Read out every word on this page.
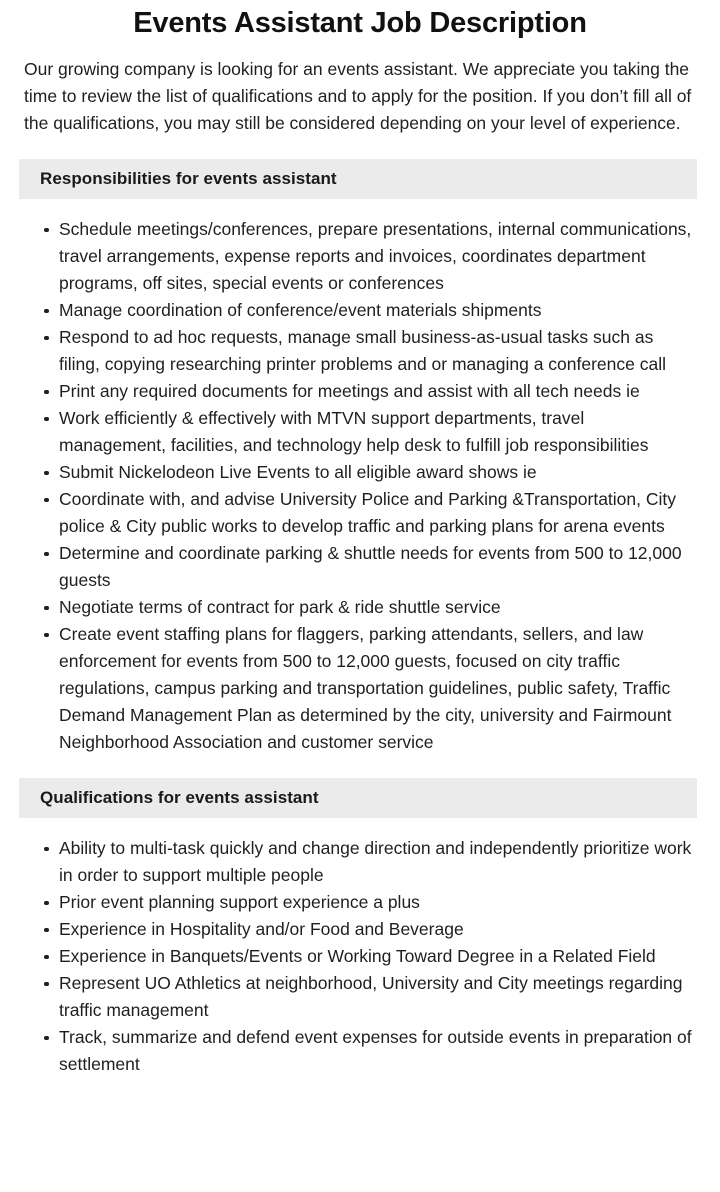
Events Assistant Job Description

Our growing company is looking for an events assistant. We appreciate you taking the time to review the list of qualifications and to apply for the position. If you don’t fill all of the qualifications, you may still be considered depending on your level of experience.

Responsibilities for events assistant
Schedule meetings/conferences, prepare presentations, internal communications, travel arrangements, expense reports and invoices, coordinates department programs, off sites, special events or conferences
Manage coordination of conference/event materials shipments
Respond to ad hoc requests, manage small business-as-usual tasks such as filing, copying researching printer problems and or managing a conference call
Print any required documents for meetings and assist with all tech needs ie
Work efficiently & effectively with MTVN support departments, travel management, facilities, and technology help desk to fulfill job responsibilities
Submit Nickelodeon Live Events to all eligible award shows ie
Coordinate with, and advise University Police and Parking &Transportation, City police & City public works to develop traffic and parking plans for arena events
Determine and coordinate parking & shuttle needs for events from 500 to 12,000 guests
Negotiate terms of contract for park & ride shuttle service
Create event staffing plans for flaggers, parking attendants, sellers, and law enforcement for events from 500 to 12,000 guests, focused on city traffic regulations, campus parking and transportation guidelines, public safety, Traffic Demand Management Plan as determined by the city, university and Fairmount Neighborhood Association and customer service
Qualifications for events assistant
Ability to multi-task quickly and change direction and independently prioritize work in order to support multiple people
Prior event planning support experience a plus
Experience in Hospitality and/or Food and Beverage
Experience in Banquets/Events or Working Toward Degree in a Related Field
Represent UO Athletics at neighborhood, University and City meetings regarding traffic management
Track, summarize and defend event expenses for outside events in preparation of settlement
